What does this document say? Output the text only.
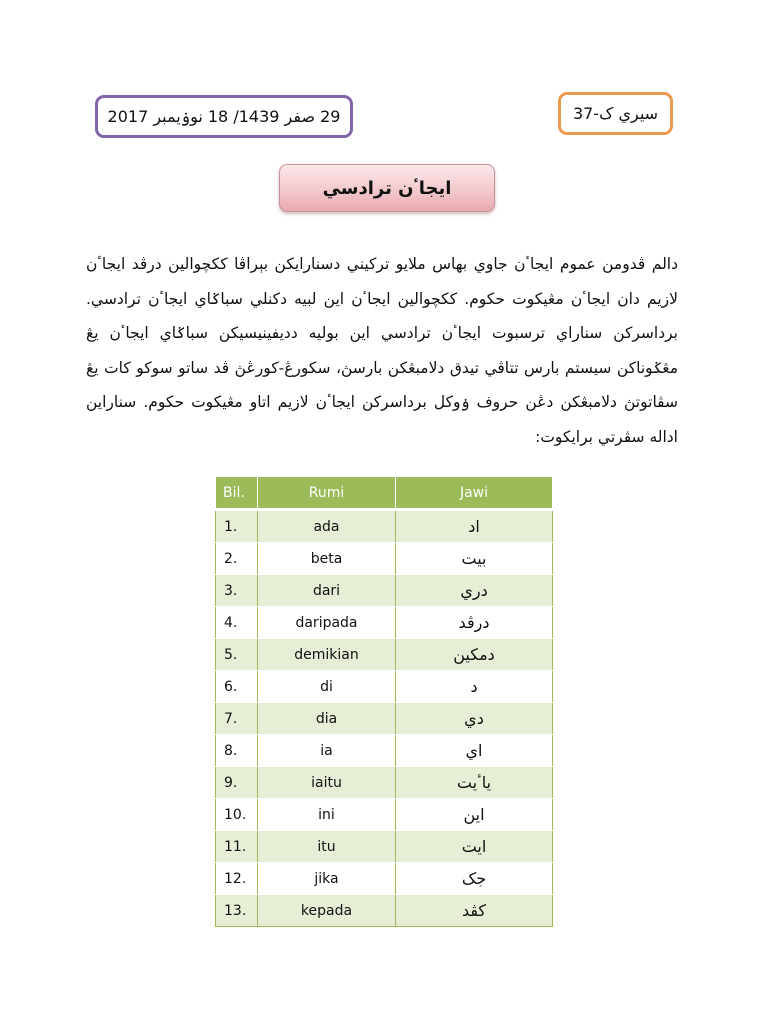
29 صفر 1439/ 18 نوۏيمبر 2017	سيري ک-37
ايجاٴن ترادسي

دالم ڤدومن عموم ايجاٴن جاوي بهاس ملايو ترکيني دسنارايکن بېراڤا ککچوالين درڤد ايجاٴن لازيم دان ايجاٴن مڠيکوت حکوم. ککچوالين ايجاٴن اين لبيه دکنلي سباݢاي ايجاٴن ترادسي. برداسرکن سناراي ترسبوت ايجاٴن ترادسي اين بوليه دديفينيسيکن سباݢاي ايجاٴن يڠ مڠݢوناکن سيستم بارس تتاڤي تيدق دلامبڠکن بارسڽ، سکورڠ-کورڠڽ ڤد ساتو سوکو کات يڠ سڤاتوتڽ دلامبڠکن دڠن حروف ۏوکل برداسرکن ايجاٴن لازيم اتاو مڠيکوت حکوم. سناراين اداله سڤرتي برايکوت:

Bil.	Rumi	Jawi
1.	ada	اد
2.	beta	بيت
3.	dari	دري
4.	daripada	درڤد
5.	demikian	دمکين
6.	di	د
7.	dia	دي
8.	ia	اي
9.	iaitu	ياٴيت
10.	ini	اين
11.	itu	ايت
12.	jika	جک
13.	kepada	کڤد
